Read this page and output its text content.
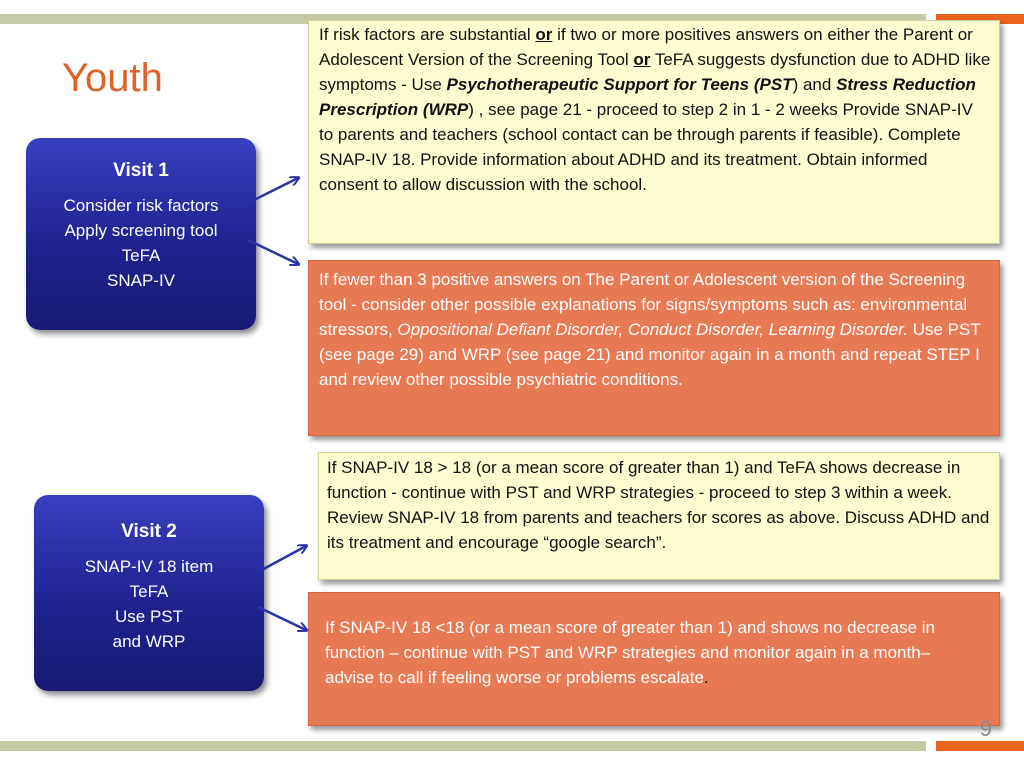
Youth
Visit 1
Consider risk factors
Apply screening tool
TeFA
SNAP-IV
Visit 2
SNAP-IV 18 item
TeFA
Use PST
and WRP
If risk factors are substantial or if two or more positives answers on either the Parent or Adolescent Version of the Screening Tool or TeFA suggests dysfunction due to ADHD like symptoms - Use Psychotherapeutic Support for Teens (PST) and Stress Reduction Prescription (WRP) , see page 21 - proceed to step 2 in 1 - 2 weeks Provide SNAP-IV to parents and teachers (school contact can be through parents if feasible). Complete SNAP-IV 18. Provide information about ADHD and its treatment. Obtain informed consent to allow discussion with the school.
If fewer than 3 positive answers on The Parent or Adolescent version of the Screening tool - consider other possible explanations for signs/symptoms such as: environmental stressors, Oppositional Defiant Disorder, Conduct Disorder, Learning Disorder. Use PST (see page 29) and WRP (see page 21) and monitor again in a month and repeat STEP I and review other possible psychiatric conditions.
If SNAP-IV 18 > 18 (or a mean score of greater than 1) and TeFA shows decrease in function - continue with PST and WRP strategies - proceed to step 3 within a week. Review SNAP-IV 18 from parents and teachers for scores as above. Discuss ADHD and its treatment and encourage “google search”.
If SNAP-IV 18 <18 (or a mean score of greater than 1) and shows no decrease in function – continue with PST and WRP strategies and monitor again in a month– advise to call if feeling worse or problems escalate.
9
